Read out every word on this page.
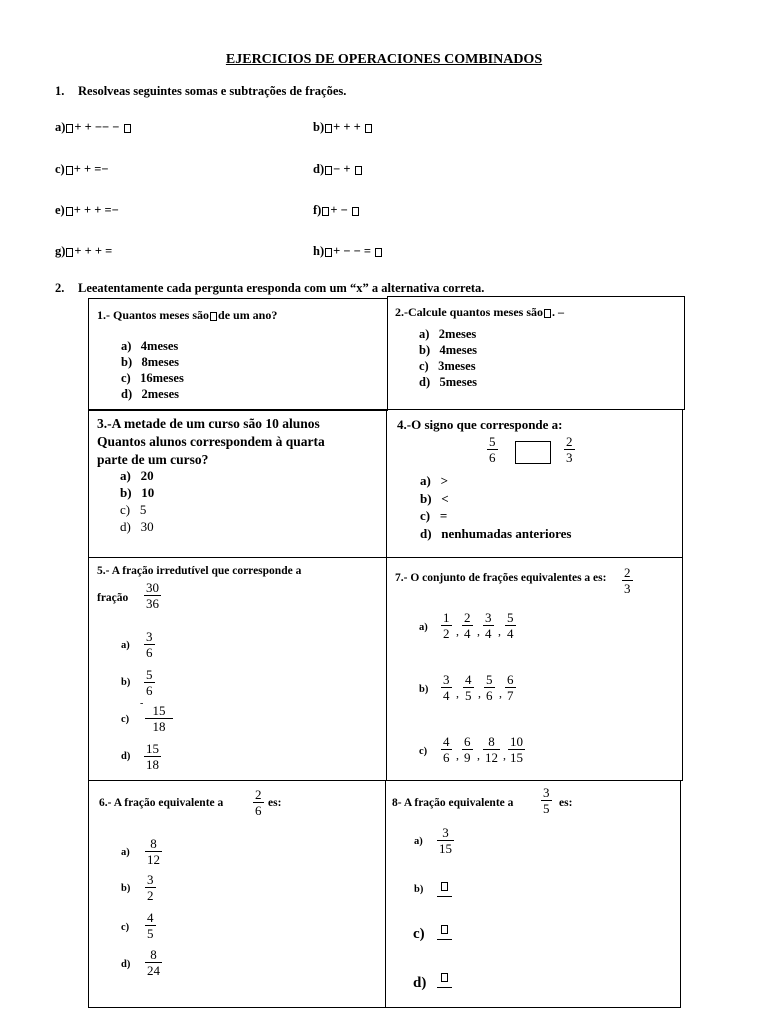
EJERCICIOS DE OPERACIONES COMBINADOS
1. Resolveas seguintes somas e subtrações de frações.
a) + + −− −	b) + + +
c) + + =−	d) − +
e) + + + =−	f) + −
g) + + + =	h) + − − =
2. Leeatentamente cada pergunta eresponda com um “x” a alternativa correta.
1.- Quantos meses são de um ano?
a)   4meses
b)   8meses
c)   16meses
d)   2meses
2.-Calcule quantos meses são . –
a)   2meses
b)   4meses
c)   3meses
d)   5meses
3.-A metade de um curso são 10 alunos
Quantos alunos correspondem à quarta
parte de um curso?
a)   20
b)   10
c)   5
d)   30
4.-O signo que corresponde a:
$\frac{5}{6}$	$\frac{2}{3}$
a)   >
b)   <
c)   =
d)   nenhumadas anteriores
5.- A fração irredutível que corresponde a
fração $\frac{30}{36}$
$a) \frac{3}{6}$
$b) \frac{5}{6}$
-
$c) \frac{15}{18}$
$d) \frac{15}{18}$
7.- O conjunto de frações equivalentes a es: $\frac{2}{3}$
$a) \frac{1}{2}$ , $\frac{2}{4}$ , $\frac{3}{4}$ , $\frac{5}{4}$
$b) \frac{3}{4}$ , $\frac{4}{5}$ , $\frac{5}{6}$ , $\frac{6}{7}$
$c) \frac{4}{6}$ , $\frac{6}{9}$ , $\frac{8}{12}$ , $\frac{10}{15}$
6.- A fração equivalente a $\frac{2}{6}$ es:
$a) \frac{8}{12}$
$b) \frac{3}{2}$
$c) \frac{4}{5}$
$d) \frac{8}{24}$
8- A fração equivalente a $\frac{3}{5}$ es:
$a) \frac{3}{15}$
b)
c)
d)
